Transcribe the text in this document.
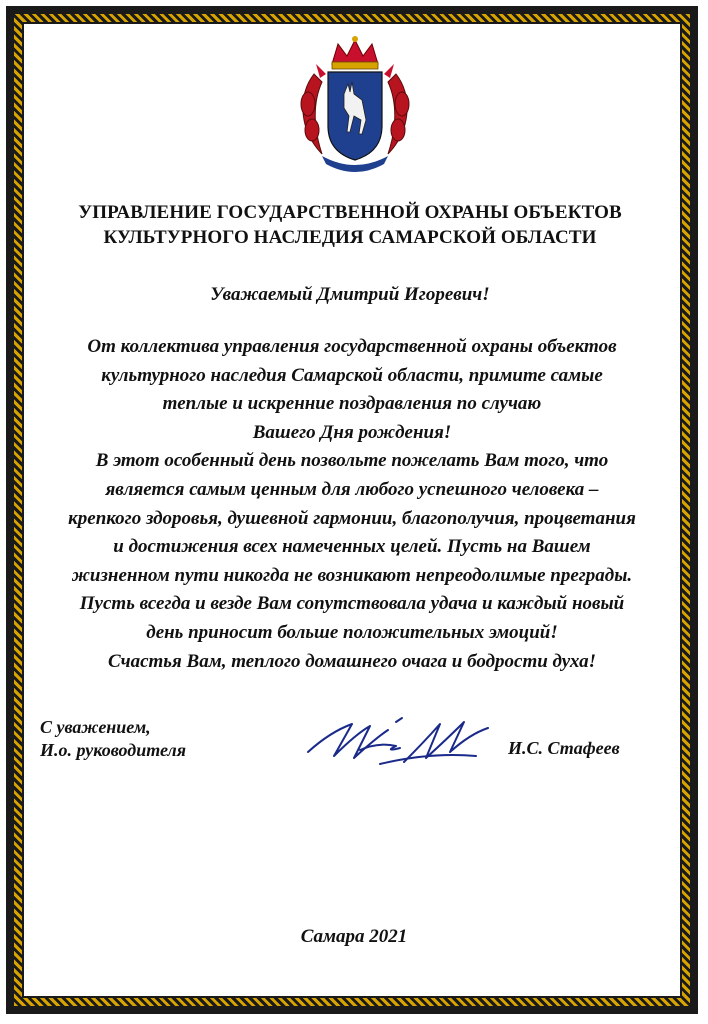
УПРАВЛЕНИЕ ГОСУДАРСТВЕННОЙ ОХРАНЫ ОБЪЕКТОВ
КУЛЬТУРНОГО НАСЛЕДИЯ САМАРСКОЙ ОБЛАСТИ
Уважаемый Дмитрий Игоревич!
От коллектива управления государственной охраны объектов
культурного наследия Самарской области, примите самые
теплые и искренние поздравления по случаю
Вашего Дня рождения!
В этот особенный день позвольте пожелать Вам того, что
является самым ценным для любого успешного человека –
крепкого здоровья, душевной гармонии, благополучия, процветания
и достижения всех намеченных целей. Пусть на Вашем
жизненном пути никогда не возникают непреодолимые преграды.
Пусть всегда и везде Вам сопутствовала удача и каждый новый
день приносит больше положительных эмоций!
Счастья Вам, теплого домашнего очага и бодрости духа!
С уважением,
И.о. руководителя	И.С. Стафеев
Самара 2021
